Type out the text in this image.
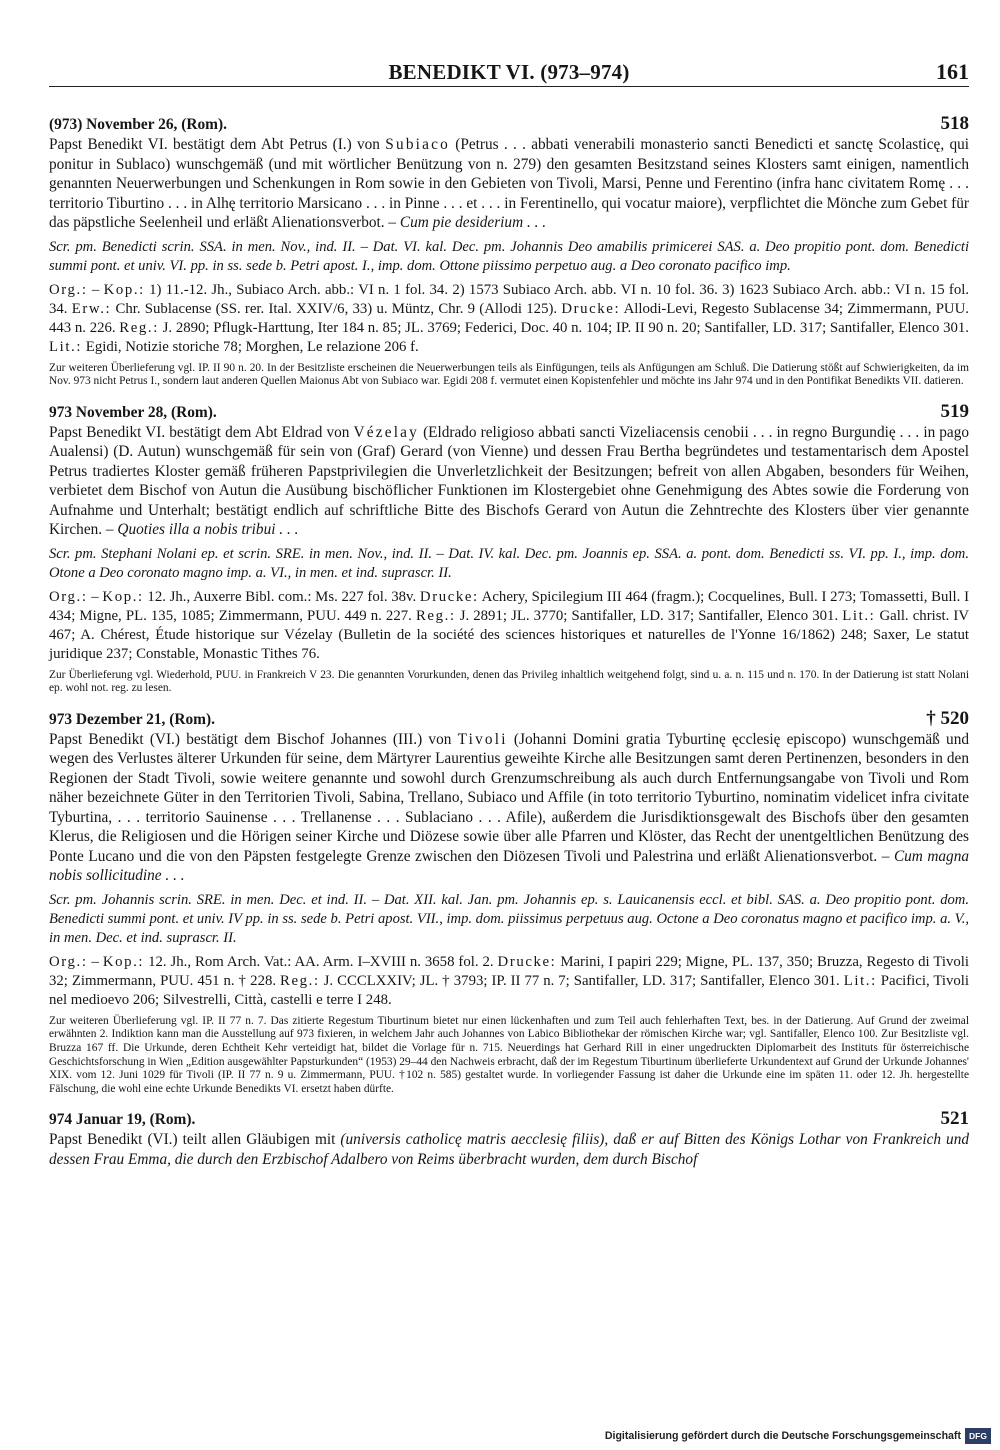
BENEDIKT VI. (973–974)	161
(973) November 26, (Rom).	518
Papst Benedikt VI. bestätigt dem Abt Petrus (I.) von Subiaco (Petrus . . . abbati venerabili monasterio sancti Benedicti et sanctę Scolasticę, qui ponitur in Sublaco) wunschgemäß (und mit wörtlicher Benützung von n. 279) den gesamten Besitzstand seines Klosters samt einigen, namentlich genannten Neuerwerbungen und Schenkungen in Rom sowie in den Gebieten von Tivoli, Marsi, Penne und Ferentino (infra hanc civitatem Romę . . . territorio Tiburtino . . . in Alhę territorio Marsicano . . . in Pinne . . . et . . . in Ferentinello, qui vocatur maiore), verpflichtet die Mönche zum Gebet für das päpstliche Seelenheil und erläßt Alienationsverbot. – Cum pie desiderium . . .
Scr. pm. Benedicti scrin. SSA. in men. Nov., ind. II. – Dat. VI. kal. Dec. pm. Johannis Deo amabilis primicerei SAS. a. Deo propitio pont. dom. Benedicti summi pont. et univ. VI. pp. in ss. sede b. Petri apost. I., imp. dom. Ottone piissimo perpetuo aug. a Deo coronato pacifico imp.
Org.: – Kop.: 1) 11.-12. Jh., Subiaco Arch. abb.: VI n. 1 fol. 34. 2) 1573 Subiaco Arch. abb. VI n. 10 fol. 36. 3) 1623 Subiaco Arch. abb.: VI n. 15 fol. 34. Erw.: Chr. Sublacense (SS. rer. Ital. XXIV/6, 33) u. Müntz, Chr. 9 (Allodi 125). Drucke: Allodi-Levi, Regesto Sublacense 34; Zimmermann, PUU. 443 n. 226. Reg.: J. 2890; Pflugk-Harttung, Iter 184 n. 85; JL. 3769; Federici, Doc. 40 n. 104; IP. II 90 n. 20; Santifaller, LD. 317; Santifaller, Elenco 301. Lit.: Egidi, Notizie storiche 78; Morghen, Le relazione 206 f.
Zur weiteren Überlieferung vgl. IP. II 90 n. 20. In der Besitzliste erscheinen die Neuerwerbungen teils als Einfügungen, teils als Anfügungen am Schluß. Die Datierung stößt auf Schwierigkeiten, da im Nov. 973 nicht Petrus I., sondern laut anderen Quellen Maionus Abt von Subiaco war. Egidi 208 f. vermutet einen Kopistenfehler und möchte ins Jahr 974 und in den Pontifikat Benedikts VII. datieren.
973 November 28, (Rom).	519
Papst Benedikt VI. bestätigt dem Abt Eldrad von Vézelay (Eldrado religioso abbati sancti Vizeliacensis cenobii . . . in regno Burgundię . . . in pago Aualensi) (D. Autun) wunschgemäß für sein von (Graf) Gerard (von Vienne) und dessen Frau Bertha begründetes und testamentarisch dem Apostel Petrus tradiertes Kloster gemäß früheren Papstprivilegien die Unverletzlichkeit der Besitzungen; befreit von allen Abgaben, besonders für Weihen, verbietet dem Bischof von Autun die Ausübung bischöflicher Funktionen im Klostergebiet ohne Genehmigung des Abtes sowie die Forderung von Aufnahme und Unterhalt; bestätigt endlich auf schriftliche Bitte des Bischofs Gerard von Autun die Zehntrechte des Klosters über vier genannte Kirchen. – Quoties illa a nobis tribui . . .
Scr. pm. Stephani Nolani ep. et scrin. SRE. in men. Nov., ind. II. – Dat. IV. kal. Dec. pm. Joannis ep. SSA. a. pont. dom. Benedicti ss. VI. pp. I., imp. dom. Otone a Deo coronato magno imp. a. VI., in men. et ind. suprascr. II.
Org.: – Kop.: 12. Jh., Auxerre Bibl. com.: Ms. 227 fol. 38v. Drucke: Achery, Spicilegium III 464 (fragm.); Cocquelines, Bull. I 273; Tomassetti, Bull. I 434; Migne, PL. 135, 1085; Zimmermann, PUU. 449 n. 227. Reg.: J. 2891; JL. 3770; Santifaller, LD. 317; Santifaller, Elenco 301. Lit.: Gall. christ. IV 467; A. Chérest, Étude historique sur Vézelay (Bulletin de la société des sciences historiques et naturelles de l'Yonne 16/1862) 248; Saxer, Le statut juridique 237; Constable, Monastic Tithes 76.
Zur Überlieferung vgl. Wiederhold, PUU. in Frankreich V 23. Die genannten Vorurkunden, denen das Privileg inhaltlich weitgehend folgt, sind u. a. n. 115 und n. 170. In der Datierung ist statt Nolani ep. wohl not. reg. zu lesen.
973 Dezember 21, (Rom).	† 520
Papst Benedikt (VI.) bestätigt dem Bischof Johannes (III.) von Tivoli (Johanni Domini gratia Tyburtinę ęcclesię episcopo) wunschgemäß und wegen des Verlustes älterer Urkunden für seine, dem Märtyrer Laurentius geweihte Kirche alle Besitzungen samt deren Pertinenzen, besonders in den Regionen der Stadt Tivoli, sowie weitere genannte und sowohl durch Grenzumschreibung als auch durch Entfernungsangabe von Tivoli und Rom näher bezeichnete Güter in den Territorien Tivoli, Sabina, Trellano, Subiaco und Affile (in toto territorio Tyburtino, nominatim videlicet infra civitate Tyburtina, . . . territorio Sauinense . . . Trellanense . . . Sublaciano . . . Afile), außerdem die Jurisdiktionsgewalt des Bischofs über den gesamten Klerus, die Religiosen und die Hörigen seiner Kirche und Diözese sowie über alle Pfarren und Klöster, das Recht der unentgeltlichen Benützung des Ponte Lucano und die von den Päpsten festgelegte Grenze zwischen den Diözesen Tivoli und Palestrina und erläßt Alienationsverbot. – Cum magna nobis sollicitudine . . .
Scr. pm. Johannis scrin. SRE. in men. Dec. et ind. II. – Dat. XII. kal. Jan. pm. Johannis ep. s. Lauicanensis eccl. et bibl. SAS. a. Deo propitio pont. dom. Benedicti summi pont. et univ. IV pp. in ss. sede b. Petri apost. VII., imp. dom. piissimus perpetuus aug. Octone a Deo coronatus magno et pacifico imp. a. V., in men. Dec. et ind. suprascr. II.
Org.: – Kop.: 12. Jh., Rom Arch. Vat.: AA. Arm. I–XVIII n. 3658 fol. 2. Drucke: Marini, I papiri 229; Migne, PL. 137, 350; Bruzza, Regesto di Tivoli 32; Zimmermann, PUU. 451 n. † 228. Reg.: J. CCCLXXIV; JL. † 3793; IP. II 77 n. 7; Santifaller, LD. 317; Santifaller, Elenco 301. Lit.: Pacifici, Tivoli nel medioevo 206; Silvestrelli, Città, castelli e terre I 248.
Zur weiteren Überlieferung vgl. IP. II 77 n. 7. Das zitierte Regestum Tiburtinum bietet nur einen lückenhaften und zum Teil auch fehlerhaften Text, bes. in der Datierung. Auf Grund der zweimal erwähnten 2. Indiktion kann man die Ausstellung auf 973 fixieren, in welchem Jahr auch Johannes von Labico Bibliothekar der römischen Kirche war; vgl. Santifaller, Elenco 100. Zur Besitzliste vgl. Bruzza 167 ff. Die Urkunde, deren Echtheit Kehr verteidigt hat, bildet die Vorlage für n. 715. Neuerdings hat Gerhard Rill in einer ungedruckten Diplomarbeit des Instituts für österreichische Geschichtsforschung in Wien „Edition ausgewählter Papsturkunden“ (1953) 29–44 den Nachweis erbracht, daß der im Regestum Tiburtinum überlieferte Urkundentext auf Grund der Urkunde Johannes' XIX. vom 12. Juni 1029 für Tivoli (IP. II 77 n. 9 u. Zimmermann, PUU. †102 n. 585) gestaltet wurde. In vorliegender Fassung ist daher die Urkunde eine im späten 11. oder 12. Jh. hergestellte Fälschung, die wohl eine echte Urkunde Benedikts VI. ersetzt haben dürfte.
974 Januar 19, (Rom).	521
Papst Benedikt (VI.) teilt allen Gläubigen mit (universis catholicę matris aecclesię filiis), daß er auf Bitten des Königs Lothar von Frankreich und dessen Frau Emma, die durch den Erzbischof Adalbero von Reims überbracht wurden, dem durch Bischof
Digitalisierung gefördert durch die Deutsche Forschungsgemeinschaft DFG
